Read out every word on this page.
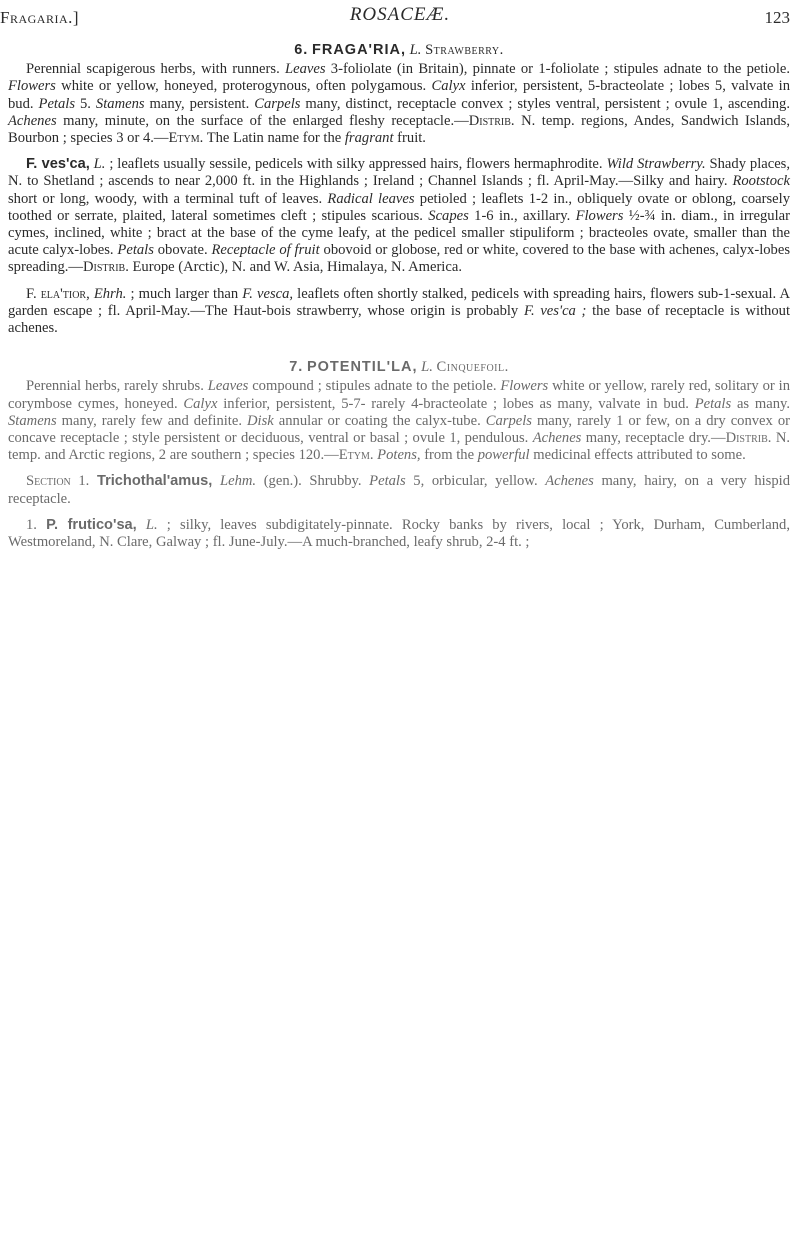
Fragaria.]	ROSACEÆ.	123
6. FRAGA'RIA, L. Strawberry.

Perennial scapigerous herbs, with runners. Leaves 3-foliolate (in Britain), pinnate or 1-foliolate ; stipules adnate to the petiole. Flowers white or yellow, honeyed, proterogynous, often polygamous. Calyx inferior, persistent, 5-bracteolate ; lobes 5, valvate in bud. Petals 5. Stamens many, persistent. Carpels many, distinct, receptacle convex ; styles ventral, persistent ; ovule 1, ascending. Achenes many, minute, on the surface of the enlarged fleshy receptacle.—Distrib. N. temp. regions, Andes, Sandwich Islands, Bourbon ; species 3 or 4.—Etym. The Latin name for the fragrant fruit.

F. ves'ca, L. ; leaflets usually sessile, pedicels with silky appressed hairs, flowers hermaphrodite. Wild Strawberry. Shady places, N. to Shetland ; ascends to near 2,000 ft. in the Highlands ; Ireland ; Channel Islands ; fl. April-May.—Silky and hairy. Rootstock short or long, woody, with a terminal tuft of leaves. Radical leaves petioled ; leaflets 1-2 in., obliquely ovate or oblong, coarsely toothed or serrate, plaited, lateral sometimes cleft ; stipules scarious. Scapes 1-6 in., axillary. Flowers ½-¾ in. diam., in irregular cymes, inclined, white ; bract at the base of the cyme leafy, at the pedicel smaller stipuliform ; bracteoles ovate, smaller than the acute calyx-lobes. Petals obovate. Receptacle of fruit obovoid or globose, red or white, covered to the base with achenes, calyx-lobes spreading.—Distrib. Europe (Arctic), N. and W. Asia, Himalaya, N. America.

F. ela'tior, Ehrh. ; much larger than F. vesca, leaflets often shortly stalked, pedicels with spreading hairs, flowers sub-1-sexual. A garden escape ; fl. April-May.—The Haut-bois strawberry, whose origin is probably F. ves'ca ; the base of receptacle is without achenes.

7. POTENTIL'LA, L. Cinquefoil.

Perennial herbs, rarely shrubs. Leaves compound ; stipules adnate to the petiole. Flowers white or yellow, rarely red, solitary or in corymbose cymes, honeyed. Calyx inferior, persistent, 5-7- rarely 4-bracteolate ; lobes as many, valvate in bud. Petals as many. Stamens many, rarely few and definite. Disk annular or coating the calyx-tube. Carpels many, rarely 1 or few, on a dry convex or concave receptacle ; style persistent or deciduous, ventral or basal ; ovule 1, pendulous. Achenes many, receptacle dry.—Distrib. N. temp. and Arctic regions, 2 are southern ; species 120.—Etym. Potens, from the powerful medicinal effects attributed to some.

Section 1. Trichothal'amus, Lehm. (gen.). Shrubby. Petals 5, orbicular, yellow. Achenes many, hairy, on a very hispid receptacle.

1. P. frutico'sa, L. ; silky, leaves subdigitately-pinnate. Rocky banks by rivers, local ; York, Durham, Cumberland, Westmoreland, N. Clare, Galway ; fl. June-July.—A much-branched, leafy shrub, 2-4 ft. ;
